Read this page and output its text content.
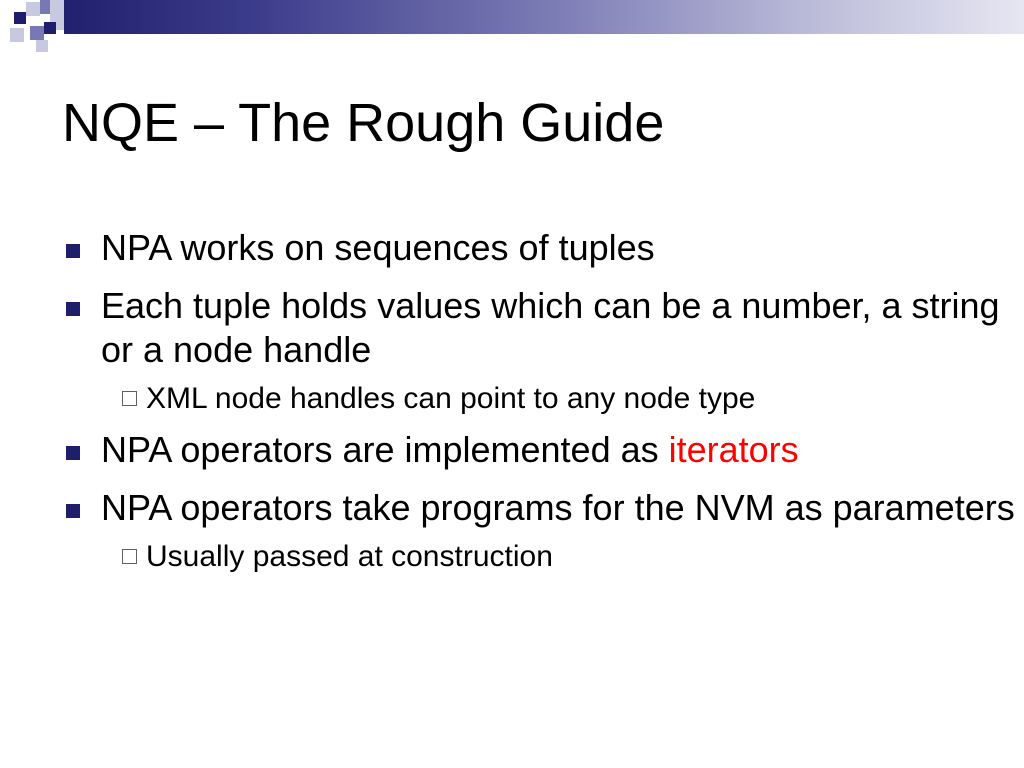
NQE – The Rough Guide
NPA works on sequences of tuples
Each tuple holds values which can be a number, a string or a node handle
XML node handles can point to any node type
NPA operators are implemented as iterators
NPA operators take programs for the NVM as parameters
Usually passed at construction
